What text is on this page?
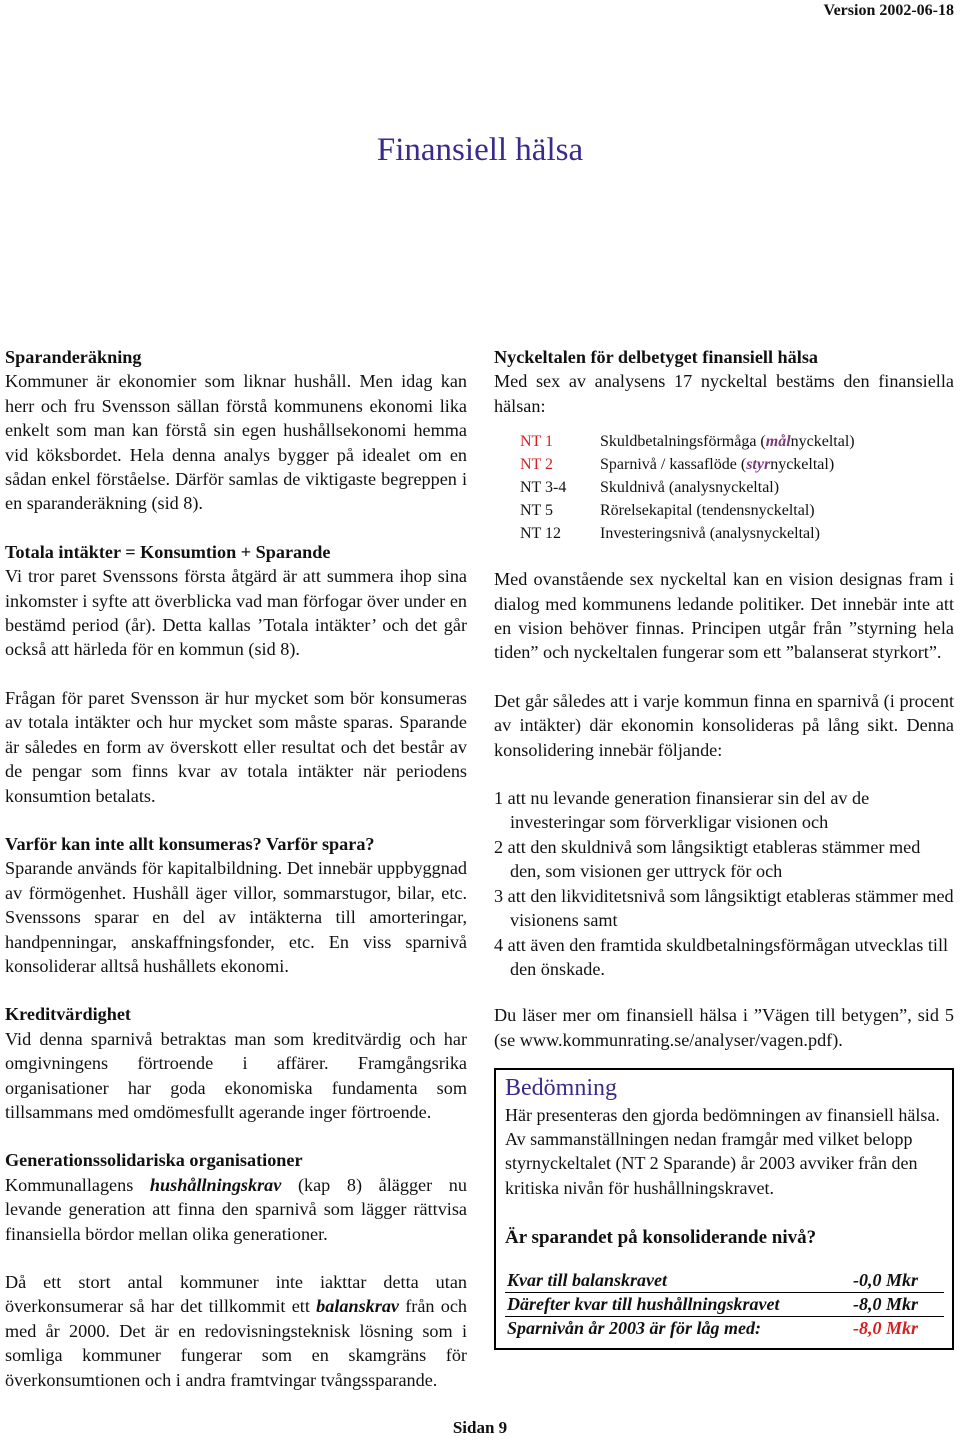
Version 2002-06-18
Finansiell hälsa

Sparanderäkning
Kommuner är ekonomier som liknar hushåll. Men idag kan herr och fru Svensson sällan förstå kommunens ekonomi lika enkelt som man kan förstå sin egen hushållsekonomi hemma vid köksbordet. Hela denna analys bygger på idealet om en sådan enkel förståelse. Därför samlas de viktigaste begreppen i en sparanderäkning (sid 8).

Totala intäkter = Konsumtion + Sparande
Vi tror paret Svenssons första åtgärd är att summera ihop sina inkomster i syfte att överblicka vad man förfogar över under en bestämd period (år). Detta kallas ’Totala intäkter’ och det går också att härleda för en kommun (sid 8).

Frågan för paret Svensson är hur mycket som bör konsumeras av totala intäkter och hur mycket som måste sparas. Sparande är således en form av överskott eller resultat och det består av de pengar som finns kvar av totala intäkter när periodens konsumtion betalats.

Varför kan inte allt konsumeras? Varför spara?
Sparande används för kapitalbildning. Det innebär uppbyggnad av förmögenhet. Hushåll äger villor, sommarstugor, bilar, etc. Svenssons sparar en del av intäkterna till amorteringar, handpenningar, anskaffningsfonder, etc. En viss sparnivå konsoliderar alltså hushållets ekonomi.

Kreditvärdighet
Vid denna sparnivå betraktas man som kreditvärdig och har omgivningens förtroende i affärer. Framgångsrika organisationer har goda ekonomiska fundamenta som tillsammans med omdömesfullt agerande inger förtroende.

Generationssolidariska organisationer
Kommunallagens hushållningskrav (kap 8) ålägger nu levande generation att finna den sparnivå som lägger rättvisa finansiella bördor mellan olika generationer.

Då ett stort antal kommuner inte iakttar detta utan överkonsumerar så har det tillkommit ett balanskrav från och med år 2000. Det är en redovisningsteknisk lösning som i somliga kommuner fungerar som en skamgräns för överkonsumtionen och i andra framtvingar tvångssparande.

Nyckeltalen för delbetyget finansiell hälsa
Med sex av analysens 17 nyckeltal bestäms den finansiella hälsan:

NT 1	Skuldbetalningsförmåga (målnyckeltal)
NT 2	Sparnivå / kassaflöde (styrnyckeltal)
NT 3-4	Skuldnivå (analysnyckeltal)
NT 5	Rörelsekapital (tendensnyckeltal)
NT 12	Investeringsnivå (analysnyckeltal)

Med ovanstående sex nyckeltal kan en vision designas fram i dialog med kommunens ledande politiker. Det innebär inte att en vision behöver finnas. Principen utgår från ”styrning hela tiden” och nyckeltalen fungerar som ett ”balanserat styrkort”.

Det går således att i varje kommun finna en sparnivå (i procent av intäkter) där ekonomin konsolideras på lång sikt. Denna konsolidering innebär följande:

1 att nu levande generation finansierar sin del av de investeringar som förverkligar visionen och
2 att den skuldnivå som långsiktigt etableras stämmer med den, som visionen ger uttryck för och
3 att den likviditetsnivå som långsiktigt etableras stämmer med visionens samt
4 att även den framtida skuldbetalningsförmågan utvecklas till den önskade.

Du läser mer om finansiell hälsa i ”Vägen till betygen”, sid 5 (se www.kommunrating.se/analyser/vagen.pdf).

Bedömning
Här presenteras den gjorda bedömningen av finansiell hälsa. Av sammanställningen nedan framgår med vilket belopp styrnyckeltalet (NT 2 Sparande) år 2003 avviker från den kritiska nivån för hushållningskravet.
Är sparandet på konsoliderande nivå?
Kvar till balanskravet	-0,0 Mkr
Därefter kvar till hushållningskravet	-8,0 Mkr
Sparnivån år 2003 är för låg med:	-8,0 Mkr
Sidan 9
